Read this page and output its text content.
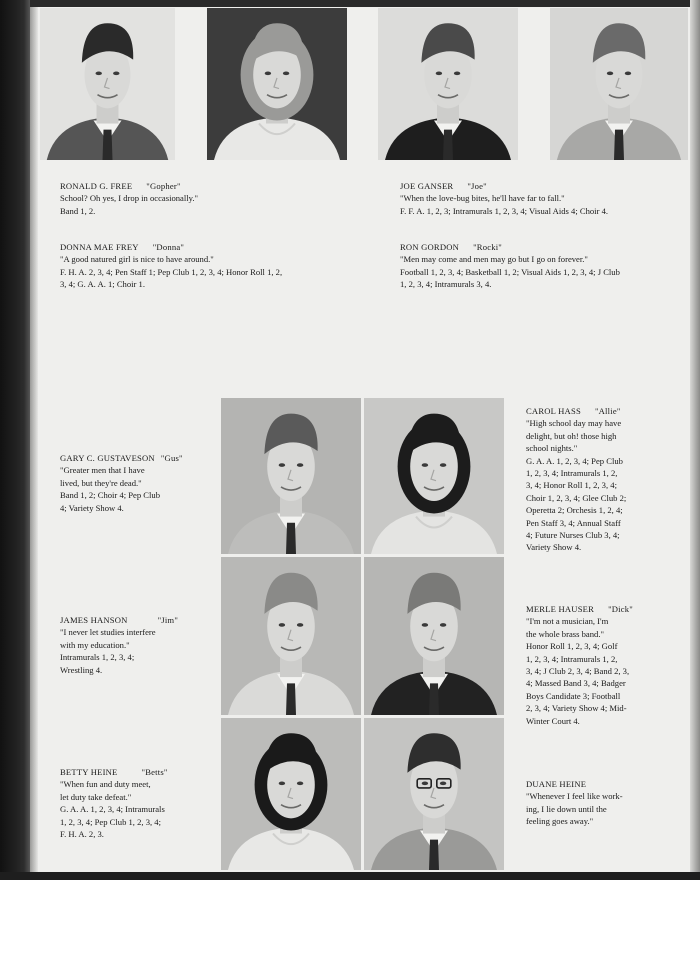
RONALD G. FREE "Gopher"
School? Oh yes, I drop in occasionally."
Band 1, 2.
DONNA MAE FREY "Donna"
"A good natured girl is nice to have around."
F. H. A. 2, 3, 4; Pen Staff 1; Pep Club 1, 2, 3, 4; Honor Roll 1, 2,
3, 4; G. A. A. 1; Choir 1.
JOE GANSER "Joe"
"When the love-bug bites, he'll have far to fall."
F. F. A. 1, 2, 3; Intramurals 1, 2, 3, 4; Visual Aids 4; Choir 4.
RON GORDON "Rocki"
"Men may come and men may go but I go on forever."
Football 1, 2, 3, 4; Basketball 1, 2; Visual Aids 1, 2, 3, 4; J Club
1, 2, 3, 4; Intramurals 3, 4.
GARY C. GUSTAVESON "Gus"
"Greater men that I have
lived, but they're dead."
Band 1, 2; Choir 4; Pep Club
4; Variety Show 4.
CAROL HASS "Allie"
"High school day may have
delight, but oh! those high
school nights."
G. A. A. 1, 2, 3, 4; Pep Club
1, 2, 3, 4; Intramurals 1, 2,
3, 4; Honor Roll 1, 2, 3, 4;
Choir 1, 2, 3, 4; Glee Club 2;
Operetta 2; Orchesis 1, 2, 4;
Pen Staff 3, 4; Annual Staff
4; Future Nurses Club 3, 4;
Variety Show 4.
JAMES HANSON	"Jim"
"I never let studies interfere
with my education."
Intramurals 1, 2, 3, 4;
Wrestling 4.
MERLE HAUSER "Dick"
"I'm not a musician, I'm
the whole brass band."
Honor Roll 1, 2, 3, 4; Golf
1, 2, 3, 4; Intramurals 1, 2,
3, 4; J Club 2, 3, 4; Band 2, 3,
4; Massed Band 3, 4; Badger
Boys Candidate 3; Football
2, 3, 4; Variety Show 4; Mid-
Winter Court 4.
BETTY HEINE	"Betts"
"When fun and duty meet,
let duty take defeat."
G. A. A. 1, 2, 3, 4; Intramurals
1, 2, 3, 4; Pep Club 1, 2, 3, 4;
F. H. A. 2, 3.
DUANE HEINE
"Whenever I feel like work-
ing, I lie down until the
feeling goes away."
